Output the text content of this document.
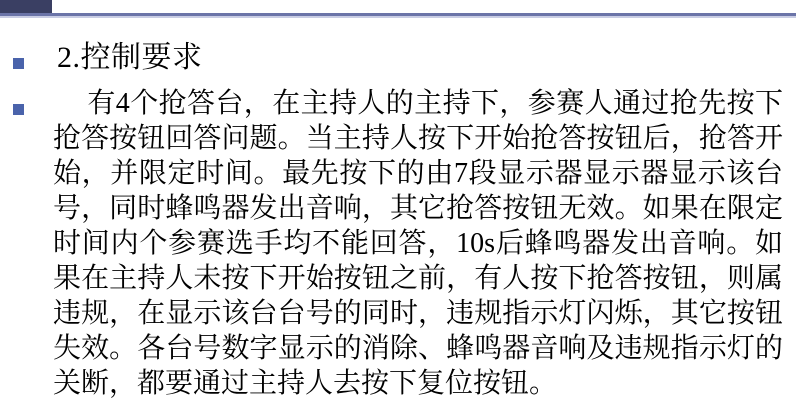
2.控制要求
有4个抢答台，在主持人的主持下，参赛人通过抢先按下抢答按钮回答问题。当主持人按下开始抢答按钮后，抢答开始，并限定时间。最先按下的由7段显示器显示器显示该台号，同时蜂鸣器发出音响，其它抢答按钮无效。如果在限定时间内个参赛选手均不能回答，10s后蜂鸣器发出音响。如果在主持人未按下开始按钮之前，有人按下抢答按钮，则属违规，在显示该台台号的同时，违规指示灯闪烁，其它按钮失效。各台号数字显示的消除、蜂鸣器音响及违规指示灯的关断，都要通过主持人去按下复位按钮。
